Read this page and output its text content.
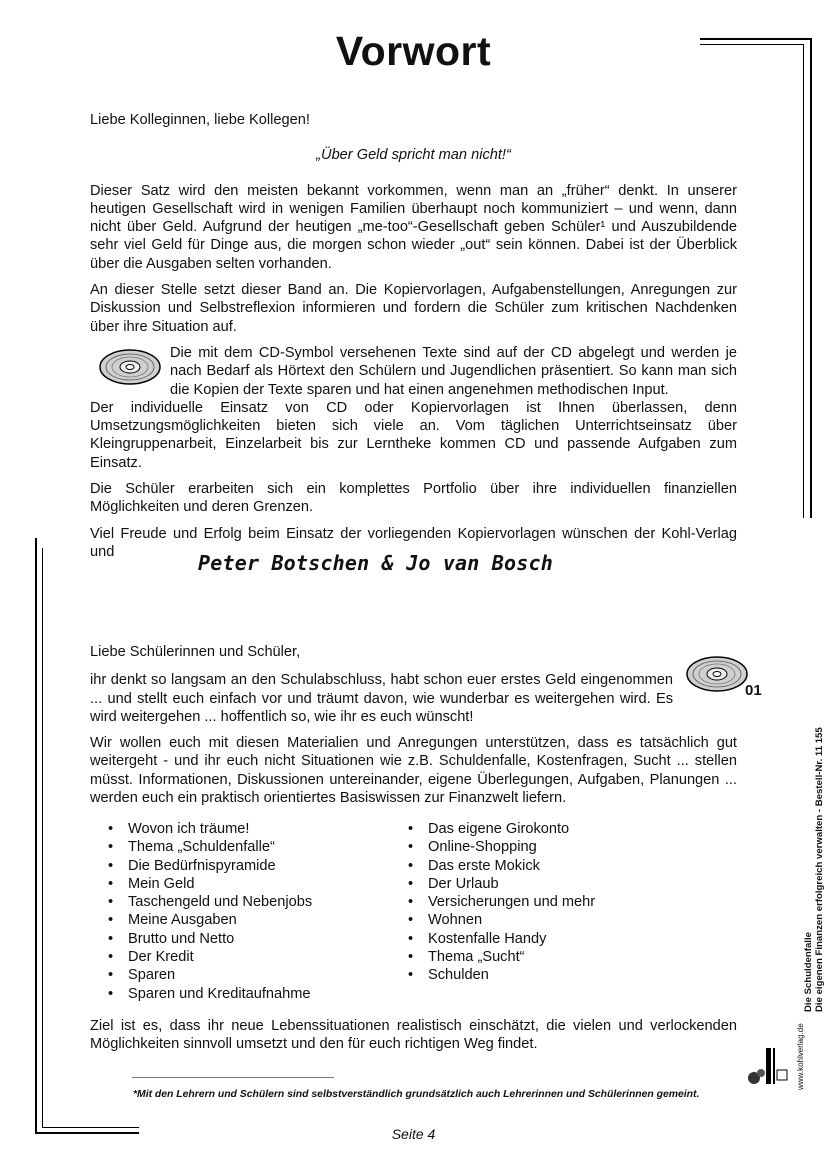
Vorwort

Liebe Kolleginnen, liebe Kollegen!

„Über Geld spricht man nicht!“

Dieser Satz wird den meisten bekannt vorkommen, wenn man an „früher“ denkt. In unserer heutigen Gesellschaft wird in wenigen Familien überhaupt noch kommuniziert – und wenn, dann nicht über Geld. Aufgrund der heutigen „me-too“-Gesellschaft geben Schüler¹ und Auszubildende sehr viel Geld für Dinge aus, die morgen schon wieder „out“ sein können. Dabei ist der Überblick über die Ausgaben selten vorhanden.

An dieser Stelle setzt dieser Band an. Die Kopiervorlagen, Aufgabenstellungen, Anregungen zur Diskussion und Selbstreflexion informieren und fordern die Schüler zum kritischen Nachdenken über ihre Situation auf.

Die mit dem CD-Symbol versehenen Texte sind auf der CD abgelegt und werden je nach Bedarf als Hörtext den Schülern und Jugendlichen präsentiert. So kann man sich die Kopien der Texte sparen und hat einen angenehmen methodischen Input.

Der individuelle Einsatz von CD oder Kopiervorlagen ist Ihnen überlassen, denn Umsetzungsmöglichkeiten bieten sich viele an. Vom täglichen Unterrichtseinsatz über Kleingruppenarbeit, Einzelarbeit bis zur Lerntheke kommen CD und passende Aufgaben zum Einsatz.

Die Schüler erarbeiten sich ein komplettes Portfolio über ihre individuellen finanziellen Möglichkeiten und deren Grenzen.

Viel Freude und Erfolg beim Einsatz der vorliegenden Kopiervorlagen wünschen der Kohl-Verlag und	Peter Botschen & Jo van Bosch

Liebe Schülerinnen und Schüler,

ihr denkt so langsam an den Schulabschluss, habt schon euer erstes Geld eingenommen ... und stellt euch einfach vor und träumt davon, wie wunderbar es weitergehen wird. Es wird weitergehen ... hoffentlich so, wie ihr es euch wünscht!

Wir wollen euch mit diesen Materialien und Anregungen unterstützen, dass es tatsächlich gut weitergeht - und ihr euch nicht Situationen wie z.B. Schuldenfalle, Kostenfragen, Sucht ... stellen müsst. Informationen, Diskussionen untereinander, eigene Überlegungen, Aufgaben, Planungen ... werden euch ein praktisch orientiertes Basiswissen zur Finanzwelt liefern.

01
• Wovon ich träume!
• Thema „Schuldenfalle“
• Die Bedürfnispyramide
• Mein Geld
• Taschengeld und Nebenjobs
• Meine Ausgaben
• Brutto und Netto
• Der Kredit
• Sparen
• Sparen und Kreditaufnahme
• Das eigene Girokonto
• Online-Shopping
• Das erste Mokick
• Der Urlaub
• Versicherungen und mehr
• Wohnen
• Kostenfalle Handy
• Thema „Sucht“
• Schulden

Ziel ist es, dass ihr neue Lebenssituationen realistisch einschätzt, die vielen und verlockenden Möglichkeiten sinnvoll umsetzt und den für euch richtigen Weg findet.

*Mit den Lehrern und Schülern sind selbstverständlich grundsätzlich auch Lehrerinnen und Schülerinnen gemeint.
Seite 4
Die Schuldenfalle Die eigenen Finanzen erfolgreich verwalten - Bestell-Nr. 11 155
www.kohlverlag.de
